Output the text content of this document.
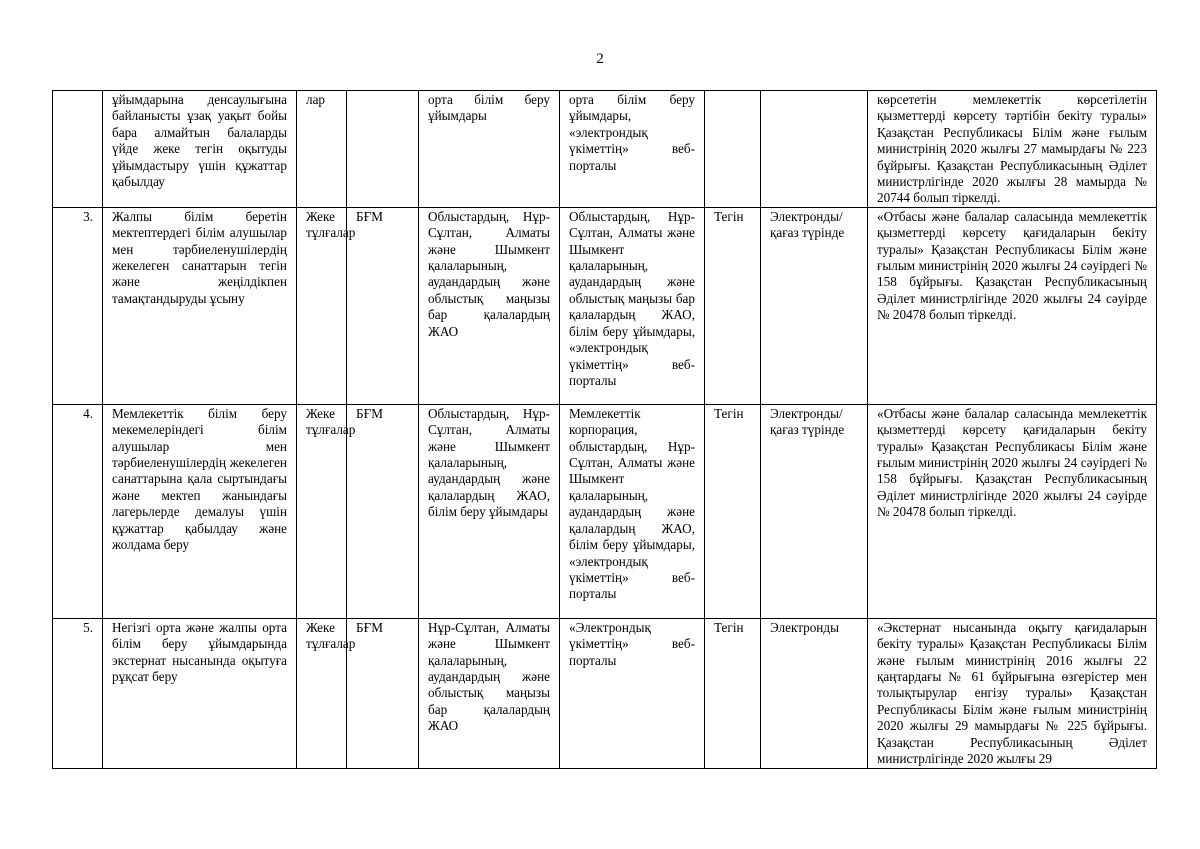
2
	ұйымдарына денсаулығына байланысты ұзақ уақыт бойы бара алмайтын балаларды үйде жеке тегін оқытуды ұйымдастыру үшін құжаттар қабылдау	лар		орта білім беру ұйымдары	орта білім беру ұйымдары, «электрондық үкіметтің» веб-порталы			көрсететін мемлекеттік көрсетілетін қызметтерді көрсету тәртібін бекіту туралы» Қазақстан Республикасы Білім және ғылым министрінің 2020 жылғы 27 мамырдағы № 223 бұйрығы. Қазақстан Республикасының Әділет министрлігінде 2020 жылғы 28 мамырда № 20744 болып тіркелді.
3.	Жалпы білім беретін мектептердегі білім алушылар мен тәрбиеленушілердің жекелеген санаттарын тегін және жеңілдікпен тамақтандыруды ұсыну	Жеке тұлғалар	БҒМ	Облыстардың, Нұр-Сұлтан, Алматы және Шымкент қалаларының, аудандардың және облыстық маңызы бар қалалардың ЖАО	Облыстардың, Нұр-Сұлтан, Алматы және Шымкент қалаларының, аудандардың және облыстық маңызы бар қалалардың ЖАО, білім беру ұйымдары, «электрондық үкіметтің» веб-порталы	Тегін	Электронды/ қағаз түрінде	«Отбасы және балалар саласында мемлекеттік қызметтерді көрсету қағидаларын бекіту туралы» Қазақстан Республикасы Білім және ғылым министрінің 2020 жылғы 24 сәуірдегі № 158 бұйрығы. Қазақстан Республикасының Әділет министрлігінде 2020 жылғы 24 сәуірде № 20478 болып тіркелді.
4.	Мемлекеттік білім беру мекемелеріндегі білім алушылар мен тәрбиеленушілердің жекелеген санаттарына қала сыртындағы және мектеп жанындағы лагерьлерде демалуы үшін құжаттар қабылдау және жолдама беру	Жеке тұлғалар	БҒМ	Облыстардың, Нұр-Сұлтан, Алматы және Шымкент қалаларының, аудандардың және қалалардың ЖАО, білім беру ұйымдары	Мемлекеттік корпорация, облыстардың, Нұр-Сұлтан, Алматы және Шымкент қалаларының, аудандардың және қалалардың ЖАО, білім беру ұйымдары, «электрондық үкіметтің» веб-порталы	Тегін	Электронды/ қағаз түрінде	«Отбасы және балалар саласында мемлекеттік қызметтерді көрсету қағидаларын бекіту туралы» Қазақстан Республикасы Білім және ғылым министрінің 2020 жылғы 24 сәуірдегі № 158 бұйрығы. Қазақстан Республикасының Әділет министрлігінде 2020 жылғы 24 сәуірде № 20478 болып тіркелді.
5.	Негізгі орта және жалпы орта білім беру ұйымдарында экстернат нысанында оқытуға рұқсат беру	Жеке тұлғалар	БҒМ	Нұр-Сұлтан, Алматы және Шымкент қалаларының, аудандардың және облыстық маңызы бар қалалардың ЖАО	«Электрондық үкіметтің» веб-порталы	Тегін	Электронды	«Экстернат нысанында оқыту қағидаларын бекіту туралы» Қазақстан Республикасы Білім және ғылым министрінің 2016 жылғы 22 қаңтардағы № 61 бұйрығына өзгерістер мен толықтырулар енгізу туралы» Қазақстан Республикасы Білім және ғылым министрінің 2020 жылғы 29 мамырдағы № 225 бұйрығы. Қазақстан Республикасының Әділет министрлігінде 2020 жылғы 29
